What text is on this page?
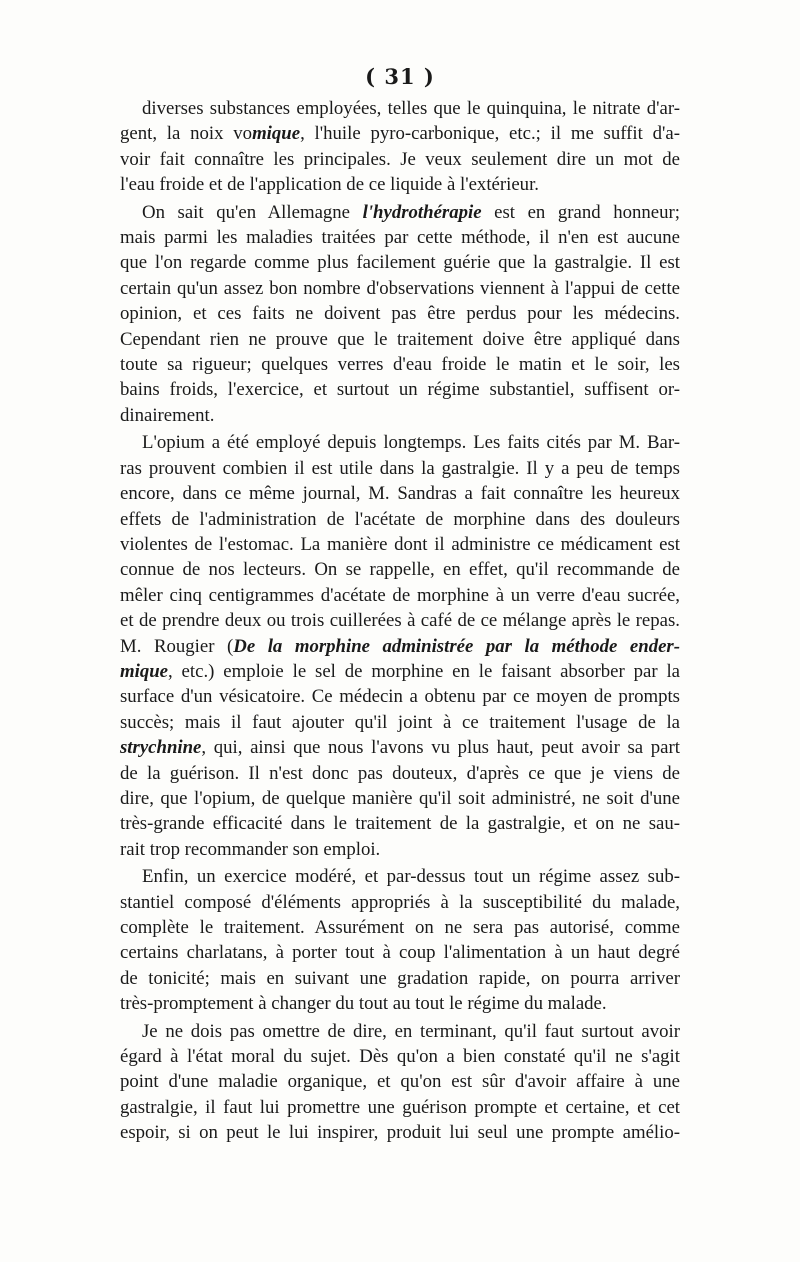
( 31 )
diverses substances employées, telles que le quinquina, le nitrate d'ar-
gent, la noix vomique, l'huile pyro-carbonique, etc.; il me suffit d'a-
voir fait connaître les principales. Je veux seulement dire un mot de
l'eau froide et de l'application de ce liquide à l'extérieur.
On sait qu'en Allemagne l'hydrothérapie est en grand honneur;
mais parmi les maladies traitées par cette méthode, il n'en est aucune
que l'on regarde comme plus facilement guérie que la gastralgie. Il est
certain qu'un assez bon nombre d'observations viennent à l'appui de cette
opinion, et ces faits ne doivent pas être perdus pour les médecins.
Cependant rien ne prouve que le traitement doive être appliqué dans
toute sa rigueur; quelques verres d'eau froide le matin et le soir, les
bains froids, l'exercice, et surtout un régime substantiel, suffisent or-
dinairement.
L'opium a été employé depuis longtemps. Les faits cités par M. Bar-
ras prouvent combien il est utile dans la gastralgie. Il y a peu de temps
encore, dans ce même journal, M. Sandras a fait connaître les heureux
effets de l'administration de l'acétate de morphine dans des douleurs
violentes de l'estomac. La manière dont il administre ce médicament est
connue de nos lecteurs. On se rappelle, en effet, qu'il recommande de
mêler cinq centigrammes d'acétate de morphine à un verre d'eau sucrée,
et de prendre deux ou trois cuillerées à café de ce mélange après le repas.
M. Rougier (De la morphine administrée par la méthode ender-
mique, etc.) emploie le sel de morphine en le faisant absorber par la
surface d'un vésicatoire. Ce médecin a obtenu par ce moyen de prompts
succès; mais il faut ajouter qu'il joint à ce traitement l'usage de la
strychnine, qui, ainsi que nous l'avons vu plus haut, peut avoir sa part
de la guérison. Il n'est donc pas douteux, d'après ce que je viens de
dire, que l'opium, de quelque manière qu'il soit administré, ne soit d'une
très-grande efficacité dans le traitement de la gastralgie, et on ne sau-
rait trop recommander son emploi.
Enfin, un exercice modéré, et par-dessus tout un régime assez sub-
stantiel composé d'éléments appropriés à la susceptibilité du malade,
complète le traitement. Assurément on ne sera pas autorisé, comme
certains charlatans, à porter tout à coup l'alimentation à un haut degré
de tonicité; mais en suivant une gradation rapide, on pourra arriver
très-promptement à changer du tout au tout le régime du malade.
Je ne dois pas omettre de dire, en terminant, qu'il faut surtout avoir
égard à l'état moral du sujet. Dès qu'on a bien constaté qu'il ne s'agit
point d'une maladie organique, et qu'on est sûr d'avoir affaire à une
gastralgie, il faut lui promettre une guérison prompte et certaine, et cet
espoir, si on peut le lui inspirer, produit lui seul une prompte amélio-
